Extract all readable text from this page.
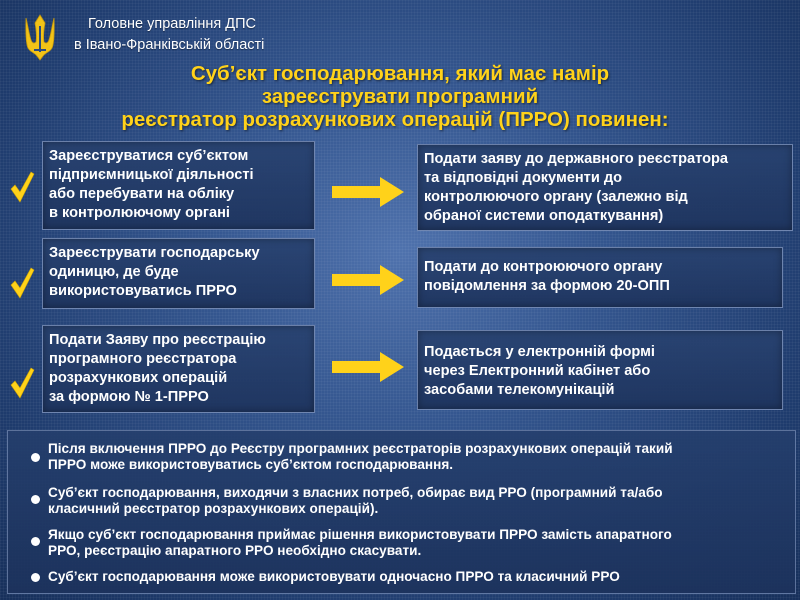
Головне управління ДПС
в Івано-Франківській області
Суб’єкт господарювання, який має намір
зареєструвати програмний
реєстратор розрахункових операцій (ПРРО) повинен:
Зареєструватися суб’єктом
підприємницької діяльності
або перебувати на обліку
в контролюючому органі
Подати заяву до державного реєстратора
та відповідні документи до
контролюючого органу (залежно від
обраної системи оподаткування)
Зареєструвати господарську
одиницю, де буде
використовуватись ПРРО
Подати до контроюючого органу
повідомлення за формою 20-ОПП
Подати Заяву про реєстрацію
програмного реєстратора
розрахункових операцій
за формою № 1-ПРРО
Подається у електронній формі
через Електронний кабінет або
засобами телекомунікацій
Після включення ПРРО до Реєстру програмних реєстраторів розрахункових операцій такий
ПРРО може використовуватись суб’єктом господарювання.
Суб’єкт господарювання, виходячи з власних потреб, обирає вид РРО (програмний та/або
класичний реєстратор розрахункових операцій).
Якщо суб’єкт господарювання приймає рішення використовувати ПРРО замість апаратного
РРО, реєстрацію апаратного РРО необхідно скасувати.
Суб’єкт господарювання може використовувати одночасно ПРРО та класичний РРО
